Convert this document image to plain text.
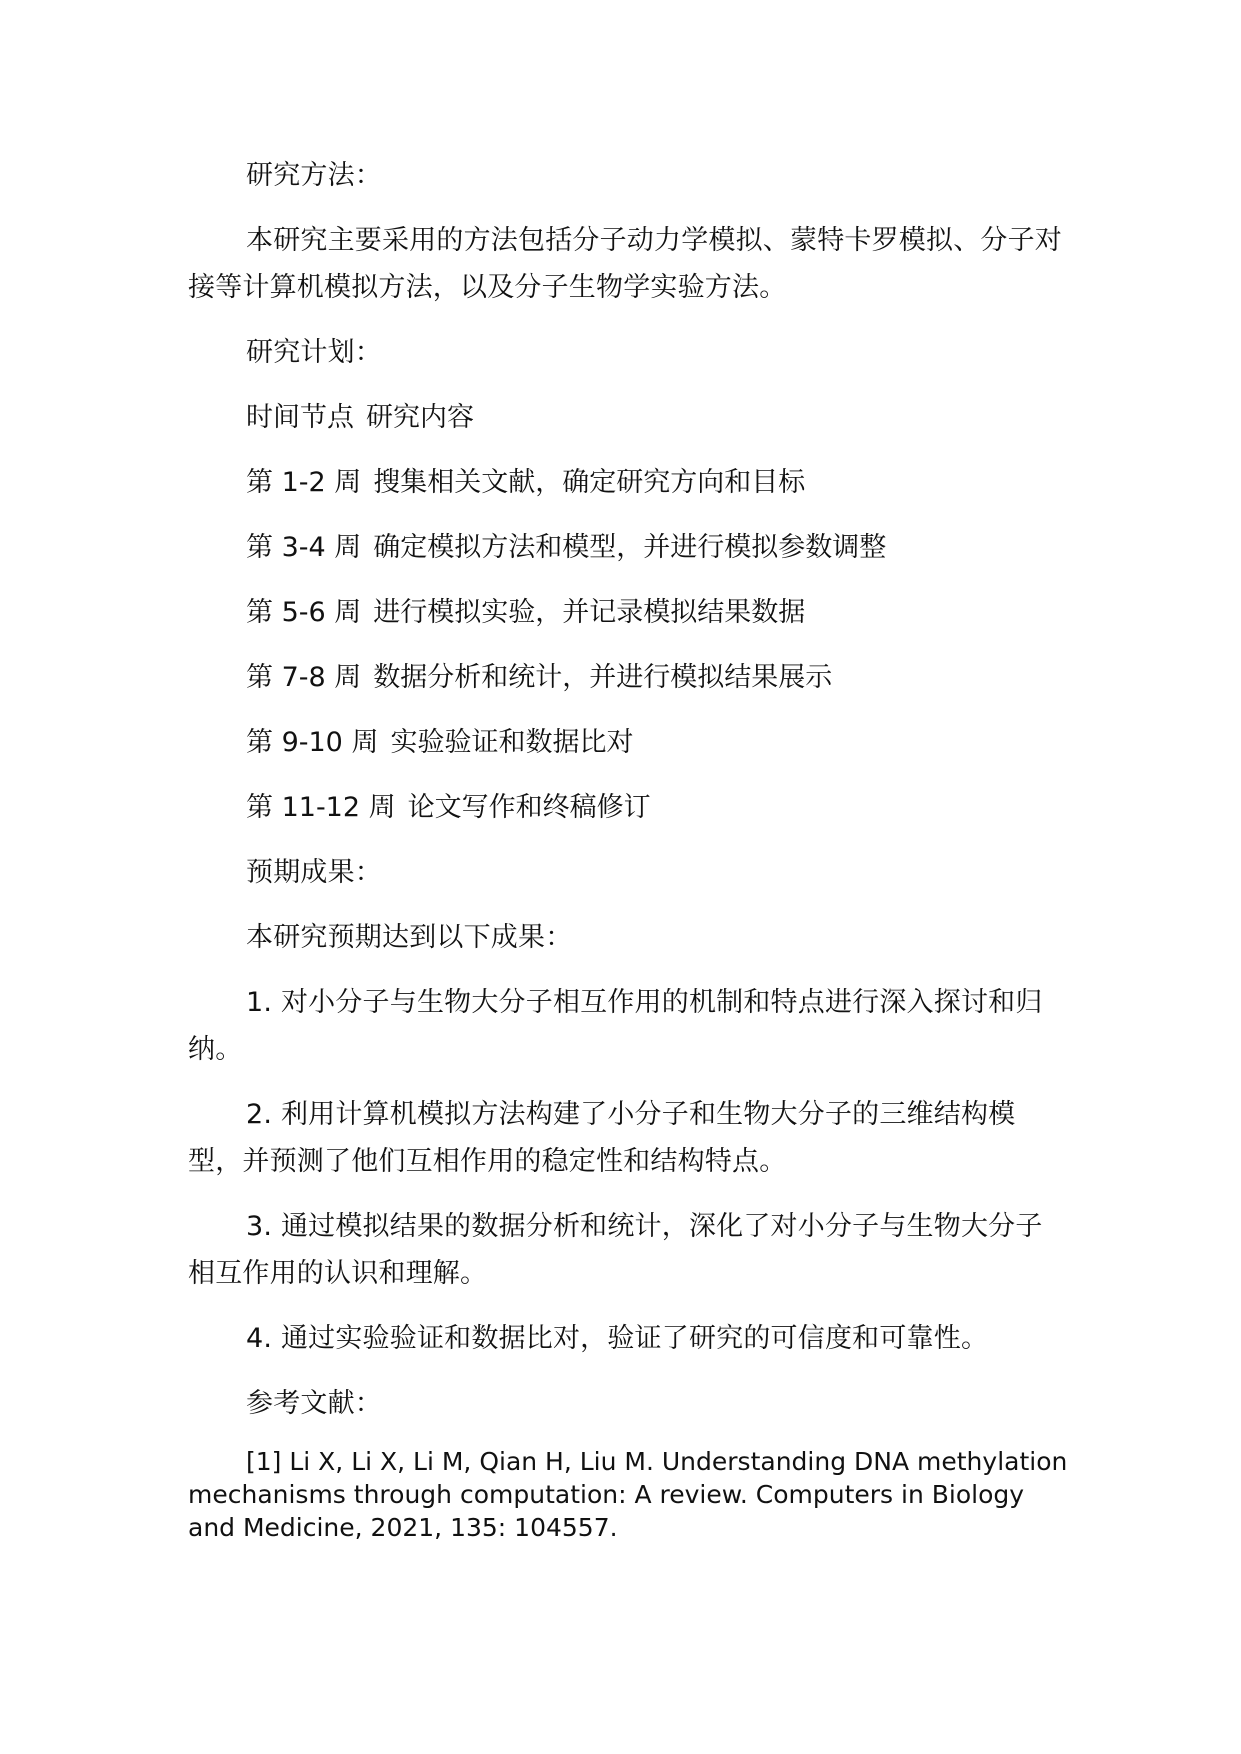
研究方法：

本研究主要采用的方法包括分子动力学模拟、蒙特卡罗模拟、分子对接等计算机模拟方法，以及分子生物学实验方法。

研究计划：

时间节点 研究内容
第 1-2 周 搜集相关文献，确定研究方向和目标
第 3-4 周 确定模拟方法和模型，并进行模拟参数调整
第 5-6 周 进行模拟实验，并记录模拟结果数据
第 7-8 周 数据分析和统计，并进行模拟结果展示
第 9-10 周 实验验证和数据比对
第 11-12 周 论文写作和终稿修订

预期成果：

本研究预期达到以下成果：

1. 对小分子与生物大分子相互作用的机制和特点进行深入探讨和归纳。

2. 利用计算机模拟方法构建了小分子和生物大分子的三维结构模型，并预测了他们互相作用的稳定性和结构特点。

3. 通过模拟结果的数据分析和统计，深化了对小分子与生物大分子相互作用的认识和理解。

4. 通过实验验证和数据比对，验证了研究的可信度和可靠性。

参考文献：

[1] Li X, Li X, Li M, Qian H, Liu M. Understanding DNA methylation mechanisms through computation: A review. Computers in Biology and Medicine, 2021, 135: 104557.
